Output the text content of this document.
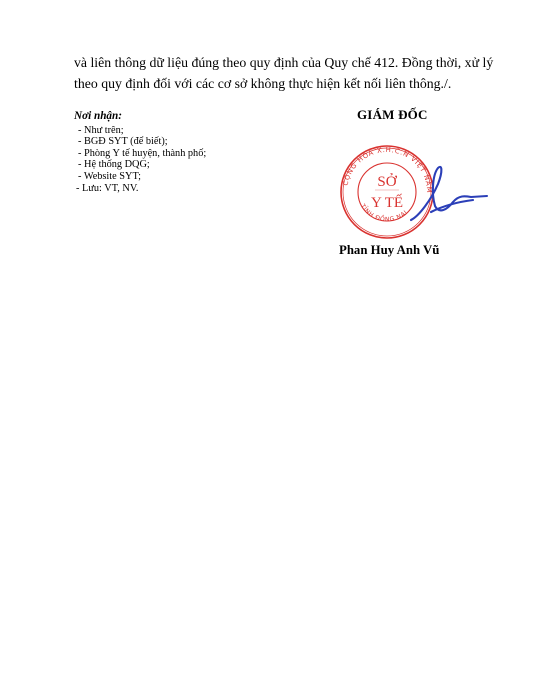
và liên thông dữ liệu đúng theo quy định của Quy chế 412. Đồng thời, xử lý
theo quy định đối với các cơ sở không thực hiện kết nối liên thông./.
Nơi nhận:
- Như trên;
- BGĐ SYT (để biết);
- Phòng Y tế huyện, thành phố;
- Hệ thống DQG;
- Website SYT;
- Lưu: VT, NV.
GIÁM ĐỐC
CỘNG HÒA X.H.C.N VIỆT NAM
TỈNH ĐỒNG NAI
SỞ
Y TẾ
Phan Huy Anh Vũ
